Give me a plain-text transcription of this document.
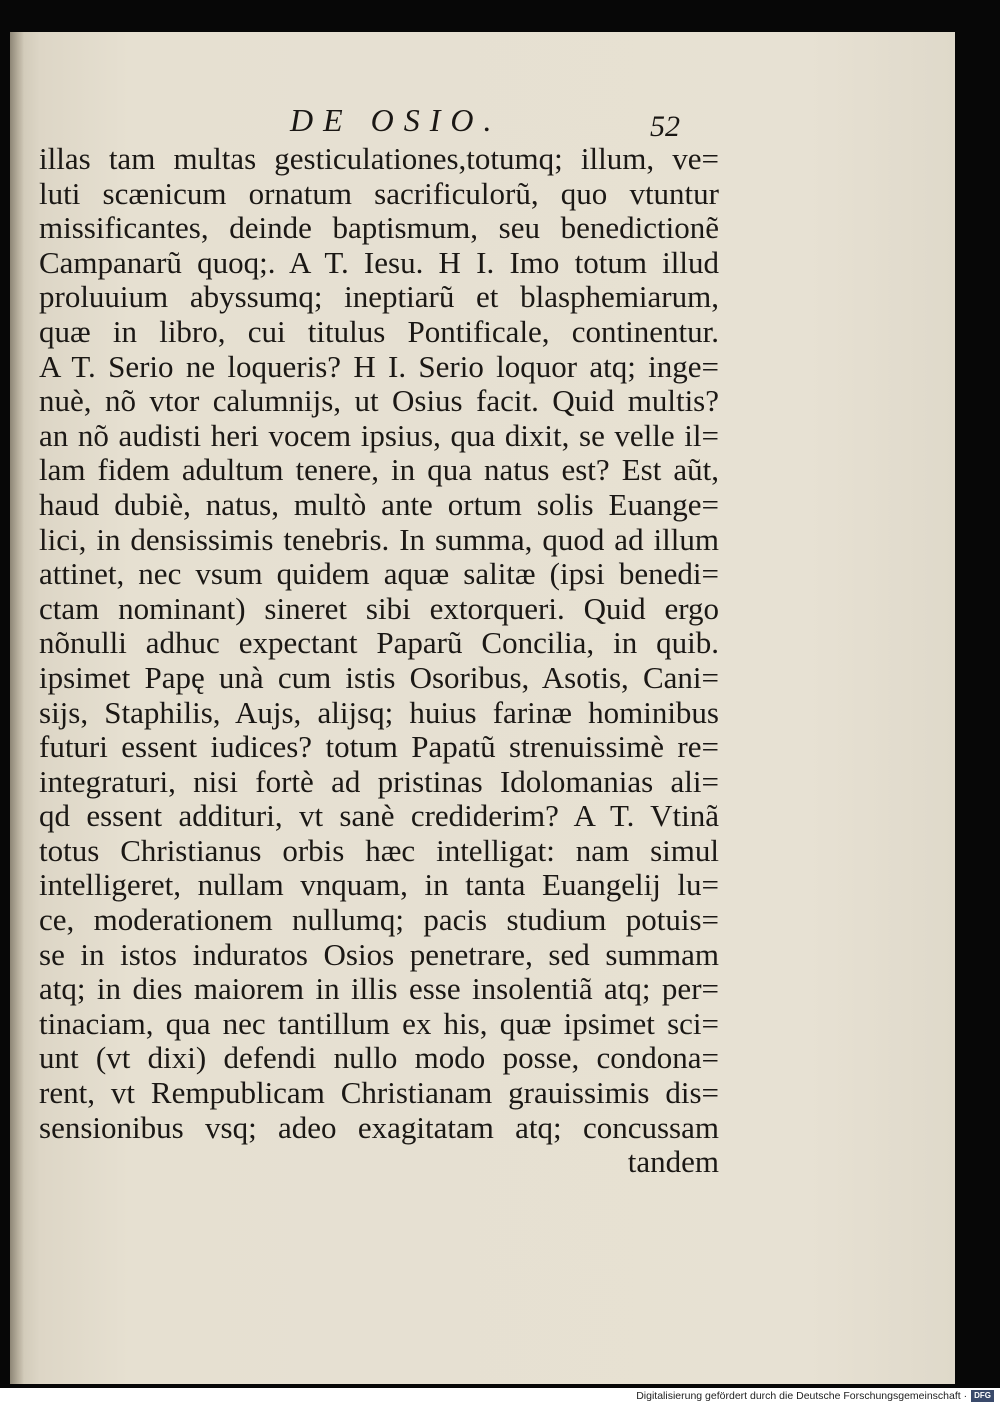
DE OSIO.	52
illas tam multas gesticulationes,totumq; illum, ve=
luti scænicum ornatum sacrificulorũ, quo vtuntur
missificantes, deinde baptismum, seu benedictionẽ
Campanarũ quoq;. A T. Iesu. H I. Imo totum illud
proluuium abyssumq; ineptiarũ et blasphemiarum,
quæ in libro, cui titulus Pontificale, continentur.
A T. Serio ne loqueris? H I. Serio loquor atq; inge=
nuè, nõ vtor calumnijs, ut Osius facit. Quid multis?
an nõ audisti heri vocem ipsius, qua dixit, se velle il=
lam fidem adultum tenere, in qua natus est? Est aũt,
haud dubiè, natus, multò ante ortum solis Euange=
lici, in densissimis tenebris. In summa, quod ad illum
attinet, nec vsum quidem aquæ salitæ (ipsi benedi=
ctam nominant) sineret sibi extorqueri. Quid ergo
nõnulli adhuc expectant Paparũ Concilia, in quib.
ipsimet Papę unà cum istis Osoribus, Asotis, Cani=
sijs, Staphilis, Aujs, alijsq; huius farinæ hominibus
futuri essent iudices? totum Papatũ strenuissimè re=
integraturi, nisi fortè ad pristinas Idolomanias ali=
qd essent addituri, vt sanè crediderim? A T. Vtinã
totus Christianus orbis hæc intelligat: nam simul
intelligeret, nullam vnquam, in tanta Euangelij lu=
ce, moderationem nullumq; pacis studium potuis=
se in istos induratos Osios penetrare, sed summam
atq; in dies maiorem in illis esse insolentiã atq; per=
tinaciam, qua nec tantillum ex his, quæ ipsimet sci=
unt (vt dixi) defendi nullo modo posse, condona=
rent, vt Rempublicam Christianam grauissimis dis=
sensionibus vsq; adeo exagitatam atq; concussam
tandem
$^{Digitalisierung gefördert durch die Deutsche Forschungsgemeinschaft \cdot}$ DFG
